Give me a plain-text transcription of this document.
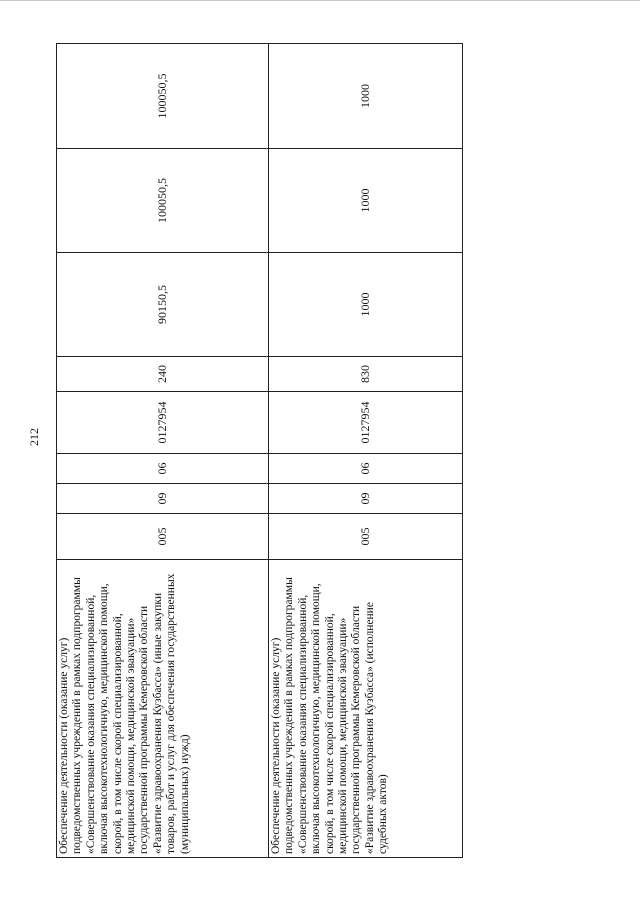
212
Обеспечение деятельности (оказание услуг) подведомственных учреждений в рамках подпрограммы «Совершенствование оказания специализированной, включая высокотехнологичную, медицинской помощи, скорой, в том числе скорой специализированной, медицинской помощи, медицинской эвакуации» государственной программы Кемеровской области «Развитие здравоохранения Кузбасса» (иные закупки товаров, работ и услуг для обеспечения государственных (муниципальных) нужд)	005	09	06	0127954	240	90150,5	100050,5	100050,5
Обеспечение деятельности (оказание услуг) подведомственных учреждений в рамках подпрограммы «Совершенствование оказания специализированной, включая высокотехнологичную, медицинской помощи, скорой, в том числе скорой специализированной, медицинской помощи, медицинской эвакуации» государственной программы Кемеровской области «Развитие здравоохранения Кузбасса» (исполнение судебных актов)	005	09	06	0127954	830	1000	1000	1000
